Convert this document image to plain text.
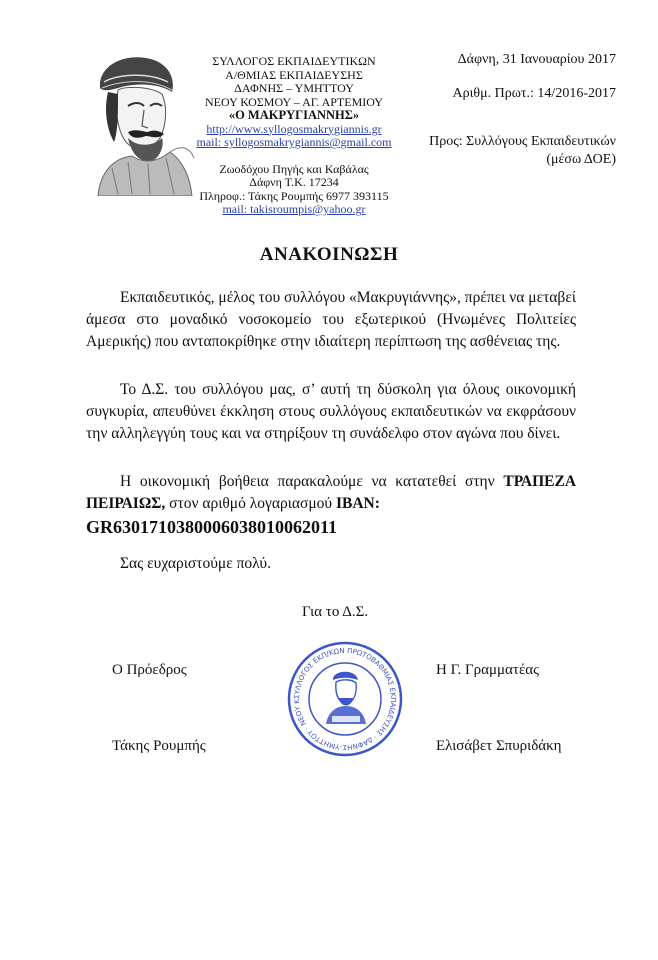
ΣΥΛΛΟΓΟΣ ΕΚΠΑΙΔΕΥΤΙΚΩΝ
Α/ΘΜΙΑΣ ΕΚΠΑΙΔΕΥΣΗΣ
ΔΑΦΝΗΣ – ΥΜΗΤΤΟΥ
ΝΕΟΥ ΚΟΣΜΟΥ – ΑΓ. ΑΡΤΕΜΙΟΥ
«Ο ΜΑΚΡΥΓΙΑΝΝΗΣ»
http://www.syllogosmakrygiannis.gr
mail: syllogosmakrygiannis@gmail.com
Ζωοδόχου Πηγής και Καβάλας
Δάφνη Τ.Κ. 17234
Πληροφ.: Τάκης Ρουμπής 6977 393115
mail: takisroumpis@yahoo.gr
Δάφνη, 31 Ιανουαρίου 2017
Αριθμ. Πρωτ.: 14/2016-2017
Προς: Συλλόγους Εκπαιδευτικών
(μέσω ΔΟΕ)
ΑΝΑΚΟΙΝΩΣΗ
Εκπαιδευτικός, μέλος του συλλόγου «Μακρυγιάννης», πρέπει να μεταβεί άμεσα στο μοναδικό νοσοκομείο του εξωτερικού (Ηνωμένες Πολιτείες Αμερικής) που ανταποκρίθηκε στην ιδιαίτερη περίπτωση της ασθένειας της.
Το Δ.Σ. του συλλόγου μας, σ’ αυτή τη δύσκολη για όλους οικονομική συγκυρία, απευθύνει έκκληση στους συλλόγους εκπαιδευτικών να εκφράσουν την αλληλεγγύη τους και να στηρίξουν τη συνάδελφο στον αγώνα που δίνει.
Η οικονομική βοήθεια παρακαλούμε να κατατεθεί στην ΤΡΑΠΕΖΑ ΠΕΙΡΑΙΩΣ, στον αριθμό λογαριασμού IBAN:
GR6301710380006038010062011
Σας ευχαριστούμε πολύ.
Για το Δ.Σ.
Ο Πρόεδρος	Η Γ. Γραμματέας
Τάκης Ρουμπής	Ελισάβετ Σπυριδάκη
ΣΥΛΛΟΓΟΣ ΕΚΠ/ΚΩΝ ΠΡΩΤΟΒΑΘΜΙΑΣ ΕΚΠΑΙΔΕΥΣΗΣ · ΔΑΦΝΗΣ-ΥΜΗΤΤΟΥ · ΝΕΟΥ Κ
